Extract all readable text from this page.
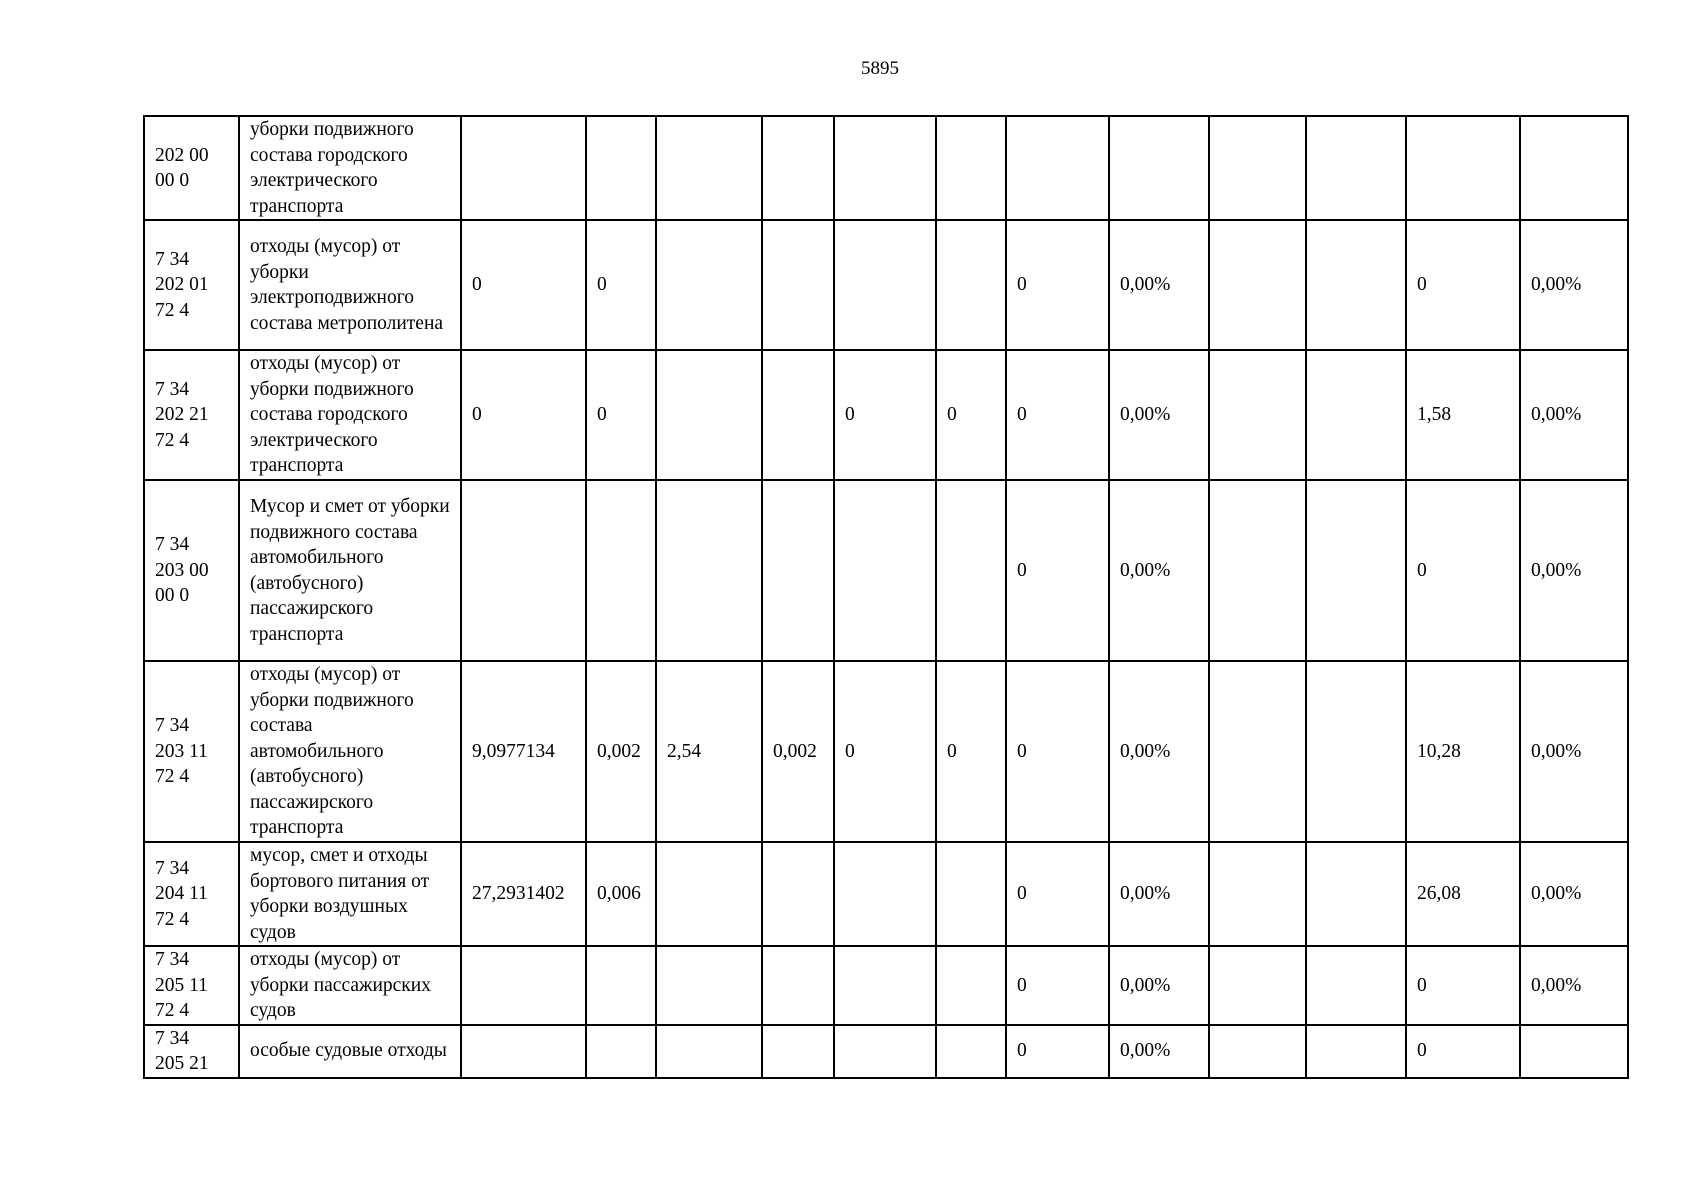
5895
202 00
00 0	уборки подвижного состава городского электрического транспорта												

7 34
202 01
72 4	отходы (мусор) от уборки электроподвижного состава метрополитена	0	0					0	0,00%			0	0,00%

7 34
202 21
72 4	отходы (мусор) от уборки подвижного состава городского электрического транспорта	0	0			0	0	0	0,00%			1,58	0,00%

7 34
203 00
00 0	Мусор и смет от уборки подвижного состава автомобильного (автобусного) пассажирского транспорта							0	0,00%			0	0,00%

7 34
203 11
72 4	отходы (мусор) от уборки подвижного состава автомобильного (автобусного) пассажирского транспорта	9,0977134	0,002	2,54	0,002	0	0	0	0,00%			10,28	0,00%

7 34
204 11
72 4	мусор, смет и отходы бортового питания от уборки воздушных судов	27,2931402	0,006					0	0,00%			26,08	0,00%

7 34
205 11
72 4	отходы (мусор) от уборки пассажирских судов							0	0,00%			0	0,00%

7 34
205 21	особые судовые отходы							0	0,00%			0	
